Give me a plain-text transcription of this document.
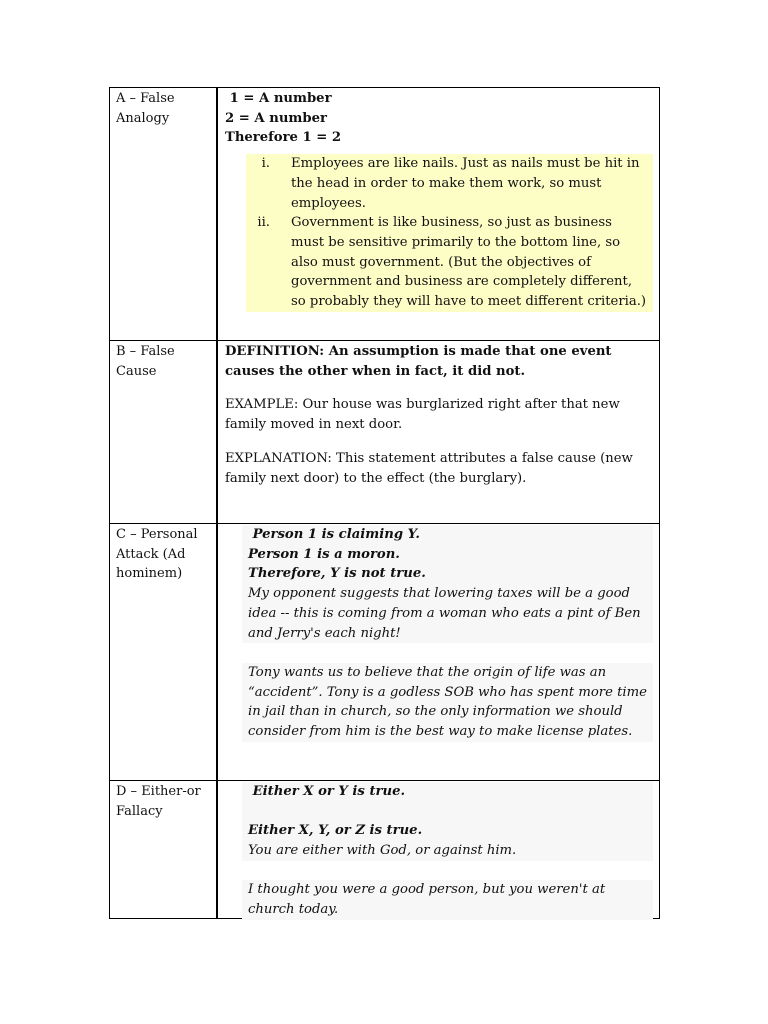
A – False Analogy

1 = A number

2 = A number

Therefore 1 = 2

i.	Employees are like nails. Just as nails must be hit in the head in order to make them work, so must employees.
ii.	Government is like business, so just as business must be sensitive primarily to the bottom line, so also must government. (But the objectives of government and business are completely different, so probably they will have to meet different criteria.)
B – False Cause

DEFINITION: An assumption is made that one event causes the other when in fact, it did not.

EXAMPLE: Our house was burglarized right after that new family moved in next door.

EXPLANATION: This statement attributes a false cause (new family next door) to the effect (the burglary).

C – Personal Attack (Ad hominem)

Person 1 is claiming Y.

Person 1 is a moron.

Therefore, Y is not true.

My opponent suggests that lowering taxes will be a good idea -- this is coming from a woman who eats a pint of Ben and Jerry's each night!

Tony wants us to believe that the origin of life was an “accident”. Tony is a godless SOB who has spent more time in jail than in church, so the only information we should consider from him is the best way to make license plates.

D – Either-or Fallacy

Either X or Y is true.

Either X, Y, or Z is true.

You are either with God, or against him.

I thought you were a good person, but you weren't at church today.
